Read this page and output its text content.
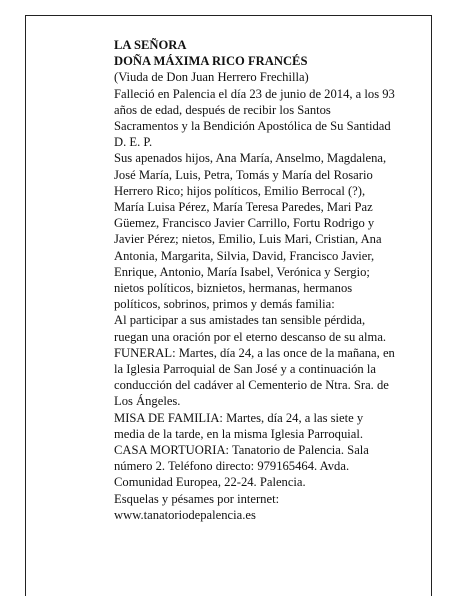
LA SEÑORA

DOÑA MÁXIMA RICO FRANCÉS

(Viuda de Don Juan Herrero Frechilla)

Falleció en Palencia el día 23 de junio de 2014, a los 93

años de edad, después de recibir los Santos

Sacramentos y la Bendición Apostólica de Su Santidad

D. E. P.

Sus apenados hijos, Ana María, Anselmo, Magdalena,

José María, Luis, Petra, Tomás y María del Rosario

Herrero Rico; hijos políticos, Emilio Berrocal (?),

María Luisa Pérez, María Teresa Paredes, Mari Paz

Güemez, Francisco Javier Carrillo, Fortu Rodrigo y

Javier Pérez; nietos, Emilio, Luis Mari, Cristian, Ana

Antonia, Margarita, Silvia, David, Francisco Javier,

Enrique, Antonio, María Isabel, Verónica y Sergio;

nietos políticos, biznietos, hermanas, hermanos

políticos, sobrinos, primos y demás familia:

Al participar a sus amistades tan sensible pérdida,

ruegan una oración por el eterno descanso de su alma.

FUNERAL: Martes, día 24, a las once de la mañana, en

la Iglesia Parroquial de San José y a continuación la

conducción del cadáver al Cementerio de Ntra. Sra. de

Los Ángeles.

MISA DE FAMILIA: Martes, día 24, a las siete y

media de la tarde, en la misma Iglesia Parroquial.

CASA MORTUORIA: Tanatorio de Palencia. Sala

número 2. Teléfono directo: 979165464. Avda.

Comunidad Europea, 22-24. Palencia.

Esquelas y pésames por internet:

www.tanatoriodepalencia.es
